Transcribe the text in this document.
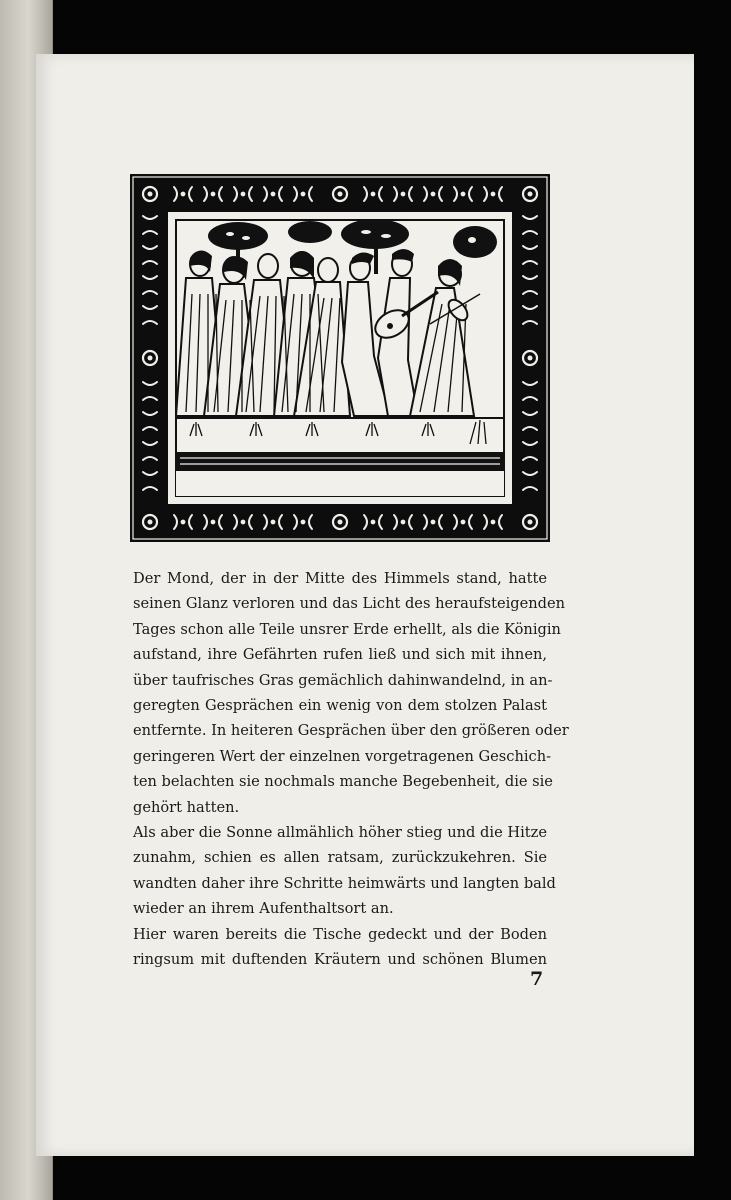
Der Mond, der in der Mitte des Himmels stand, hatte
seinen Glanz verloren und das Licht des heraufsteigenden
Tages schon alle Teile unsrer Erde erhellt, als die Königin
aufstand, ihre Gefährten rufen ließ und sich mit ihnen,
über taufrisches Gras gemächlich dahinwandelnd, in an-
geregten Gesprächen ein wenig von dem stolzen Palast
entfernte. In heiteren Gesprächen über den größeren oder
geringeren Wert der einzelnen vorgetragenen Geschich-
ten belachten sie nochmals manche Begebenheit, die sie
gehört hatten.
Als aber die Sonne allmählich höher stieg und die Hitze
zunahm, schien es allen ratsam, zurückzukehren. Sie
wandten daher ihre Schritte heimwärts und langten bald
wieder an ihrem Aufenthaltsort an.
Hier waren bereits die Tische gedeckt und der Boden
ringsum mit duftenden Kräutern und schönen Blumen
7
